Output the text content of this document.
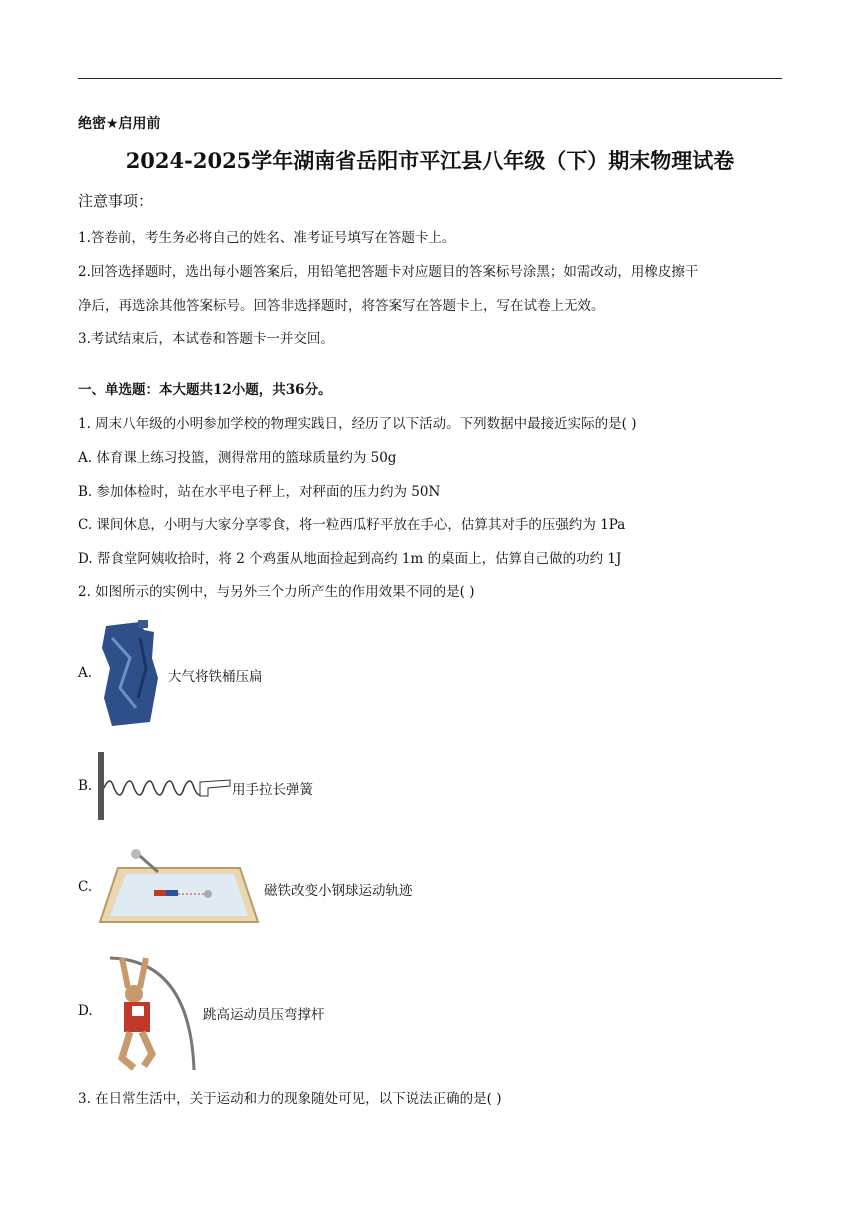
绝密★启用前
2024-2025学年湖南省岳阳市平江县八年级（下）期末物理试卷
注意事项：
1.答卷前，考生务必将自己的姓名、准考证号填写在答题卡上。
2.回答选择题时，选出每小题答案后，用铅笔把答题卡对应题目的答案标号涂黑；如需改动，用橡皮擦干
净后，再选涂其他答案标号。回答非选择题时，将答案写在答题卡上，写在试卷上无效。
3.考试结束后，本试卷和答题卡一并交回。
一、单选题：本大题共12小题，共36分。
1. 周末八年级的小明参加学校的物理实践日，经历了以下活动。下列数据中最接近实际的是( )
A. 体育课上练习投篮，测得常用的篮球质量约为 50g
B. 参加体检时，站在水平电子秤上，对秤面的压力约为 50N
C. 课间休息，小明与大家分享零食，将一粒西瓜籽平放在手心，估算其对手的压强约为 1Pa
D. 帮食堂阿姨收拾时，将 2 个鸡蛋从地面捡起到高约 1m 的桌面上，估算自己做的功约 1J
2. 如图所示的实例中，与另外三个力所产生的作用效果不同的是( )
A.	大气将铁桶压扁
B.	用手拉长弹簧
C.	磁铁改变小钢球运动轨迹
D.	跳高运动员压弯撑杆
3. 在日常生活中，关于运动和力的现象随处可见，以下说法正确的是( )
